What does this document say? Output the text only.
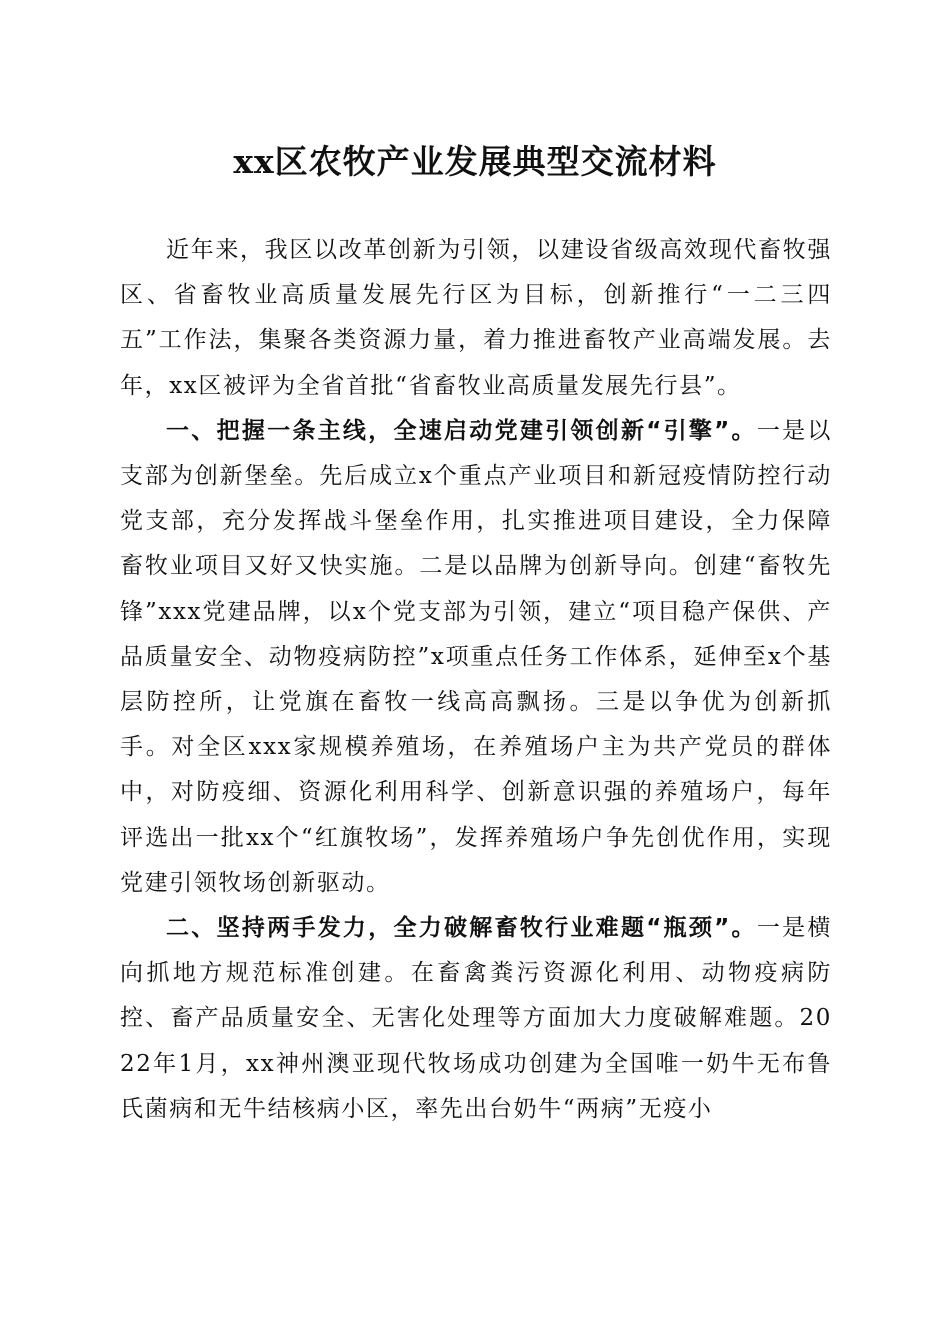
xx区农牧产业发展典型交流材料

近年来，我区以改革创新为引领，以建设省级高效现代畜牧强区、省畜牧业高质量发展先行区为目标，创新推行“一二三四五”工作法，集聚各类资源力量，着力推进畜牧产业高端发展。去年，xx区被评为全省首批“省畜牧业高质量发展先行县”。

一、把握一条主线，全速启动党建引领创新“引擎”。一是以支部为创新堡垒。先后成立x个重点产业项目和新冠疫情防控行动党支部，充分发挥战斗堡垒作用，扎实推进项目建设，全力保障畜牧业项目又好又快实施。二是以品牌为创新导向。创建“畜牧先锋”xxx党建品牌，以x个党支部为引领，建立“项目稳产保供、产品质量安全、动物疫病防控”x项重点任务工作体系，延伸至x个基层防控所，让党旗在畜牧一线高高飘扬。三是以争优为创新抓手。对全区xxx家规模养殖场，在养殖场户主为共产党员的群体中，对防疫细、资源化利用科学、创新意识强的养殖场户，每年评选出一批xx个“红旗牧场”，发挥养殖场户争先创优作用，实现党建引领牧场创新驱动。

二、坚持两手发力，全力破解畜牧行业难题“瓶颈”。一是横向抓地方规范标准创建。在畜禽粪污资源化利用、动物疫病防控、畜产品质量安全、无害化处理等方面加大力度破解难题。2022年1月，xx神州澳亚现代牧场成功创建为全国唯一奶牛无布鲁氏菌病和无牛结核病小区，率先出台奶牛“两病”无疫小
